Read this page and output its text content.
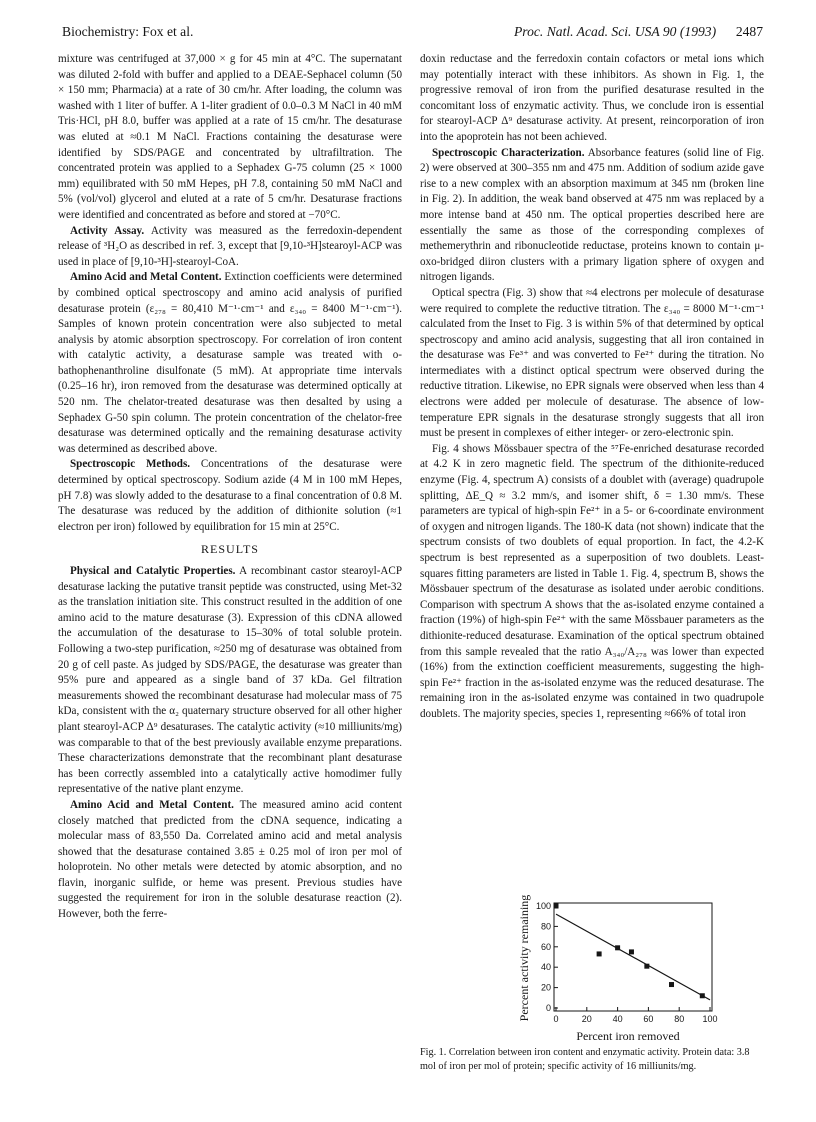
Biochemistry: Fox et al.	Proc. Natl. Acad. Sci. USA 90 (1993) 2487

mixture was centrifuged at 37,000 × g for 45 min at 4°C. The supernatant was diluted 2-fold with buffer and applied to a DEAE-Sephacel column (50 × 150 mm; Pharmacia) at a rate of 30 cm/hr. After loading, the column was washed with 1 liter of buffer. A 1-liter gradient of 0.0–0.3 M NaCl in 40 mM Tris·HCl, pH 8.0, buffer was applied at a rate of 15 cm/hr. The desaturase was eluted at ≈0.1 M NaCl. Fractions containing the desaturase were identified by SDS/PAGE and concentrated by ultrafiltration. The concentrated protein was applied to a Sephadex G-75 column (25 × 1000 mm) equilibrated with 50 mM Hepes, pH 7.8, containing 50 mM NaCl and 5% (vol/vol) glycerol and eluted at a rate of 5 cm/hr. Desaturase fractions were identified and concentrated as before and stored at −70°C.

Activity Assay. Activity was measured as the ferredoxin-dependent release of ³H₂O as described in ref. 3, except that [9,10-³H]stearoyl-ACP was used in place of [9,10-³H]-stearoyl-CoA.

Amino Acid and Metal Content. Extinction coefficients were determined by combined optical spectroscopy and amino acid analysis of purified desaturase protein (ε₂₇₈ = 80,410 M⁻¹·cm⁻¹ and ε₃₄₀ = 8400 M⁻¹·cm⁻¹). Samples of known protein concentration were also subjected to metal analysis by atomic absorption spectroscopy. For correlation of iron content with catalytic activity, a desaturase sample was treated with o-bathophenanthroline disulfonate (5 mM). At appropriate time intervals (0.25–16 hr), iron removed from the desaturase was determined optically at 520 nm. The chelator-treated desaturase was then desalted by using a Sephadex G-50 spin column. The protein concentration of the chelator-free desaturase was determined optically and the remaining desaturase activity was determined as described above.

Spectroscopic Methods. Concentrations of the desaturase were determined by optical spectroscopy. Sodium azide (4 M in 100 mM Hepes, pH 7.8) was slowly added to the desaturase to a final concentration of 0.8 M. The desaturase was reduced by the addition of dithionite solution (≈1 electron per iron) followed by equilibration for 15 min at 25°C.

RESULTS

Physical and Catalytic Properties. A recombinant castor stearoyl-ACP desaturase lacking the putative transit peptide was constructed, using Met-32 as the translation initiation site. This construct resulted in the addition of one amino acid to the mature desaturase (3). Expression of this cDNA allowed the accumulation of the desaturase to 15–30% of total soluble protein. Following a two-step purification, ≈250 mg of desaturase was obtained from 20 g of cell paste. As judged by SDS/PAGE, the desaturase was greater than 95% pure and appeared as a single band of 37 kDa. Gel filtration measurements showed the recombinant desaturase had molecular mass of 75 kDa, consistent with the α₂ quaternary structure observed for all other higher plant stearoyl-ACP Δ⁹ desaturases. The catalytic activity (≈10 milliunits/mg) was comparable to that of the best previously available enzyme preparations. These characterizations demonstrate that the recombinant plant desaturase has been correctly assembled into a catalytically active homodimer fully representative of the native plant enzyme.

Amino Acid and Metal Content. The measured amino acid content closely matched that predicted from the cDNA sequence, indicating a molecular mass of 83,550 Da. Correlated amino acid and metal analysis showed that the desaturase contained 3.85 ± 0.25 mol of iron per mol of holoprotein. No other metals were detected by atomic absorption, and no flavin, inorganic sulfide, or heme was present. Previous studies have suggested the requirement for iron in the soluble desaturase reaction (2). However, both the ferre-

doxin reductase and the ferredoxin contain cofactors or metal ions which may potentially interact with these inhibitors. As shown in Fig. 1, the progressive removal of iron from the purified desaturase resulted in the concomitant loss of enzymatic activity. Thus, we conclude iron is essential for stearoyl-ACP Δ⁹ desaturase activity. At present, reincorporation of iron into the apoprotein has not been achieved.

Spectroscopic Characterization. Absorbance features (solid line of Fig. 2) were observed at 300–355 nm and 475 nm. Addition of sodium azide gave rise to a new complex with an absorption maximum at 345 nm (broken line in Fig. 2). In addition, the weak band observed at 475 nm was replaced by a more intense band at 450 nm. The optical properties described here are essentially the same as those of the corresponding complexes of methemerythrin and ribonucleotide reductase, proteins known to contain μ-oxo-bridged diiron clusters with a primary ligation sphere of oxygen and nitrogen ligands.

Optical spectra (Fig. 3) show that ≈4 electrons per molecule of desaturase were required to complete the reductive titration. The ε₃₄₀ = 8000 M⁻¹·cm⁻¹ calculated from the Inset to Fig. 3 is within 5% of that determined by optical spectroscopy and amino acid analysis, suggesting that all iron contained in the desaturase was Fe³⁺ and was converted to Fe²⁺ during the titration. No intermediates with a distinct optical spectrum were observed during the reductive titration. Likewise, no EPR signals were observed when less than 4 electrons were added per molecule of desaturase. The absence of low-temperature EPR signals in the desaturase strongly suggests that all iron must be present in complexes of either integer- or zero-electronic spin.

Fig. 4 shows Mössbauer spectra of the ⁵⁷Fe-enriched desaturase recorded at 4.2 K in zero magnetic field. The spectrum of the dithionite-reduced enzyme (Fig. 4, spectrum A) consists of a doublet with (average) quadrupole splitting, ΔE_Q ≈ 3.2 mm/s, and isomer shift, δ = 1.30 mm/s. These parameters are typical of high-spin Fe²⁺ in a 5- or 6-coordinate environment of oxygen and nitrogen ligands. The 180-K data (not shown) indicate that the spectrum consists of two doublets of equal proportion. In fact, the 4.2-K spectrum is best represented as a superposition of two doublets. Least-squares fitting parameters are listed in Table 1. Fig. 4, spectrum B, shows the Mössbauer spectrum of the desaturase as isolated under aerobic conditions. Comparison with spectrum A shows that the as-isolated enzyme contained a fraction (19%) of high-spin Fe²⁺ with the same Mössbauer parameters as the dithionite-reduced desaturase. Examination of the optical spectrum obtained from this sample revealed that the ratio A₃₄₀/A₂₇₈ was lower than expected (16%) from the extinction coefficient measurements, suggesting the high-spin Fe²⁺ fraction in the as-isolated enzyme was the reduced desaturase. The remaining iron in the as-isolated enzyme was contained in two quadrupole doublets. The majority species, species 1, representing ≈66% of total iron

0
20
40
60
80
100
0	20 40 60 80 100
Percent iron removed
Percent activity remaining

Fig. 1. Correlation between iron content and enzymatic activity. Protein data: 3.8 mol of iron per mol of protein; specific activity of 16 milliunits/mg.
